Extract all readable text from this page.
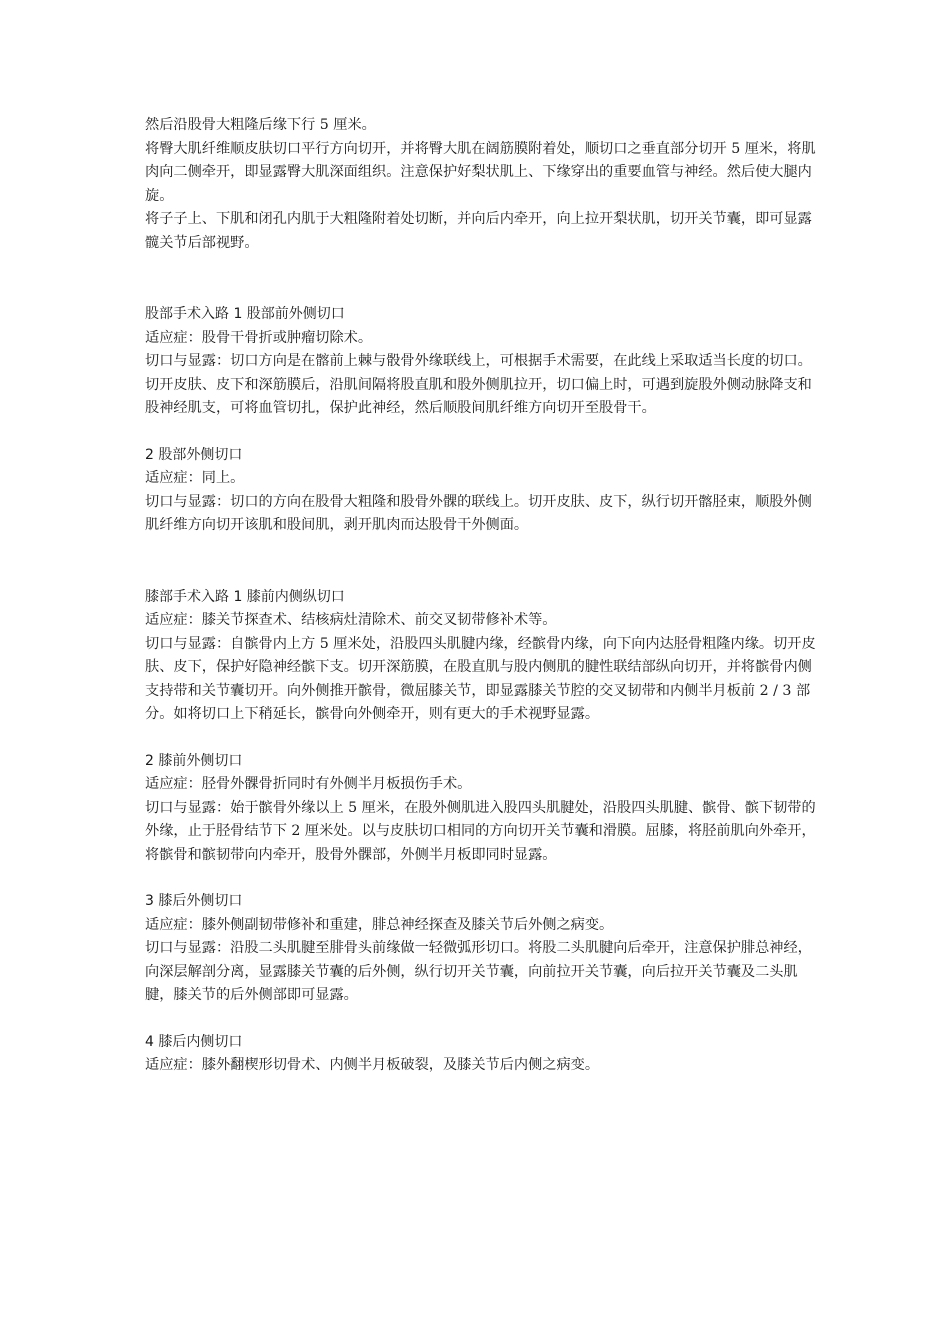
然后沿股骨大粗隆后缘下行 5 厘米。

将臀大肌纤维顺皮肤切口平行方向切开，并将臀大肌在阔筋膜附着处，顺切口之垂直部分切开 5 厘米，将肌肉向二侧牵开，即显露臀大肌深面组织。注意保护好梨状肌上、下缘穿出的重要血管与神经。然后使大腿内旋。

将子子上、下肌和闭孔内肌于大粗隆附着处切断，并向后内牵开，向上拉开梨状肌，切开关节囊，即可显露髋关节后部视野。

股部手术入路 1 股部前外侧切口

适应症：股骨干骨折或肿瘤切除术。

切口与显露：切口方向是在髂前上棘与骰骨外缘联线上，可根据手术需要，在此线上采取适当长度的切口。切开皮肤、皮下和深筋膜后，沿肌间隔将股直肌和股外侧肌拉开，切口偏上时，可遇到旋股外侧动脉降支和股神经肌支，可将血管切扎，保护此神经，然后顺股间肌纤维方向切开至股骨干。

2 股部外侧切口

适应症：同上。

切口与显露：切口的方向在股骨大粗隆和股骨外髁的联线上。切开皮肤、皮下，纵行切开髂胫束，顺股外侧肌纤维方向切开该肌和股间肌，剥开肌肉而达股骨干外侧面。

膝部手术入路 1 膝前内侧纵切口

适应症：膝关节探查术、结核病灶清除术、前交叉韧带修补术等。

切口与显露：自髌骨内上方 5 厘米处，沿股四头肌腱内缘，经髌骨内缘，向下向内达胫骨粗隆内缘。切开皮肤、皮下，保护好隐神经髌下支。切开深筋膜，在股直肌与股内侧肌的腱性联结部纵向切开，并将髌骨内侧支持带和关节囊切开。向外侧推开髌骨，微屈膝关节，即显露膝关节腔的交叉韧带和内侧半月板前 2 / 3 部分。如将切口上下稍延长，髌骨向外侧牵开，则有更大的手术视野显露。

2 膝前外侧切口

适应症：胫骨外髁骨折同时有外侧半月板损伤手术。

切口与显露：始于髌骨外缘以上 5 厘米，在股外侧肌进入股四头肌腱处，沿股四头肌腱、髌骨、髌下韧带的外缘，止于胫骨结节下 2 厘米处。以与皮肤切口相同的方向切开关节囊和滑膜。屈膝，将胫前肌向外牵开，将髌骨和髌韧带向内牵开，股骨外髁部，外侧半月板即同时显露。

3 膝后外侧切口

适应症：膝外侧副韧带修补和重建，腓总神经探查及膝关节后外侧之病变。

切口与显露：沿股二头肌腱至腓骨头前缘做一轻微弧形切口。将股二头肌腱向后牵开，注意保护腓总神经，向深层解剖分离，显露膝关节囊的后外侧，纵行切开关节囊，向前拉开关节囊，向后拉开关节囊及二头肌腱，膝关节的后外侧部即可显露。

4 膝后内侧切口

适应症：膝外翻楔形切骨术、内侧半月板破裂，及膝关节后内侧之病变。
